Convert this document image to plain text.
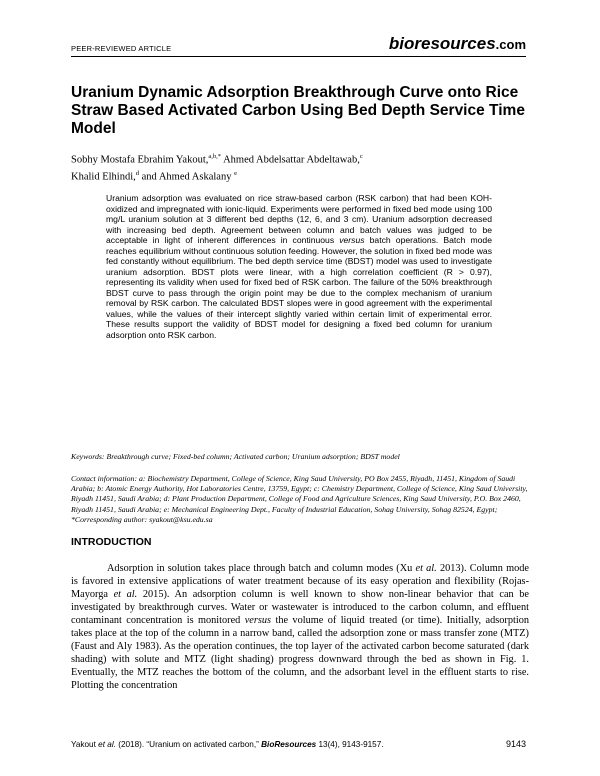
PEER-REVIEWED ARTICLE	bioresources.com
Uranium Dynamic Adsorption Breakthrough Curve onto Rice Straw Based Activated Carbon Using Bed Depth Service Time Model
Sobhy Mostafa Ebrahim Yakout,$^{a,b,*}$ Ahmed Abdelsattar Abdeltawab,$^c$
Khalid Elhindi,$^d$ and Ahmed Askalany $^e$
Uranium adsorption was evaluated on rice straw-based carbon (RSK carbon) that had been KOH-oxidized and impregnated with ionic-liquid. Experiments were performed in fixed bed mode using 100 mg/L uranium solution at 3 different bed depths (12, 6, and 3 cm). Uranium adsorption decreased with increasing bed depth. Agreement between column and batch values was judged to be acceptable in light of inherent differences in continuous versus batch operations. Batch mode reaches equilibrium without continuous solution feeding. However, the solution in fixed bed mode was fed constantly without equilibrium. The bed depth service time (BDST) model was used to investigate uranium adsorption. BDST plots were linear, with a high correlation coefficient (R > 0.97), representing its validity when used for fixed bed of RSK carbon. The failure of the 50% breakthrough BDST curve to pass through the origin point may be due to the complex mechanism of uranium removal by RSK carbon. The calculated BDST slopes were in good agreement with the experimental values, while the values of their intercept slightly varied within certain limit of experimental error. These results support the validity of BDST model for designing a fixed bed column for uranium adsorption onto RSK carbon.
Keywords: Breakthrough curve; Fixed-bed column; Activated carbon; Uranium adsorption; BDST model
Contact information: a: Biochemistry Department, College of Science, King Saud University, PO Box 2455, Riyadh, 11451, Kingdom of Saudi Arabia; b: Atomic Energy Authority, Hot Laboratories Centre, 13759, Egypt; c: Chemistry Department, College of Science, King Saud University, Riyadh 11451, Saudi Arabia; d: Plant Production Department, College of Food and Agriculture Sciences, King Saud University, P.O. Box 2460, Riyadh 11451, Saudi Arabia; e: Mechanical Engineering Dept., Faculty of Industrial Education, Sohag University, Sohag 82524, Egypt; *Corresponding author: syakout@ksu.edu.sa
INTRODUCTION
Adsorption in solution takes place through batch and column modes (Xu et al. 2013). Column mode is favored in extensive applications of water treatment because of its easy operation and flexibility (Rojas-Mayorga et al. 2015). An adsorption column is well known to show non-linear behavior that can be investigated by breakthrough curves. Water or wastewater is introduced to the carbon column, and effluent contaminant concentration is monitored versus the volume of liquid treated (or time). Initially, adsorption takes place at the top of the column in a narrow band, called the adsorption zone or mass transfer zone (MTZ) (Faust and Aly 1983). As the operation continues, the top layer of the activated carbon become saturated (dark shading) with solute and MTZ (light shading) progress downward through the bed as shown in Fig. 1. Eventually, the MTZ reaches the bottom of the column, and the adsorbant level in the effluent starts to rise. Plotting the concentration
Yakout et al. (2018). “Uranium on activated carbon,” BioResources 13(4), 9143-9157.	9143
